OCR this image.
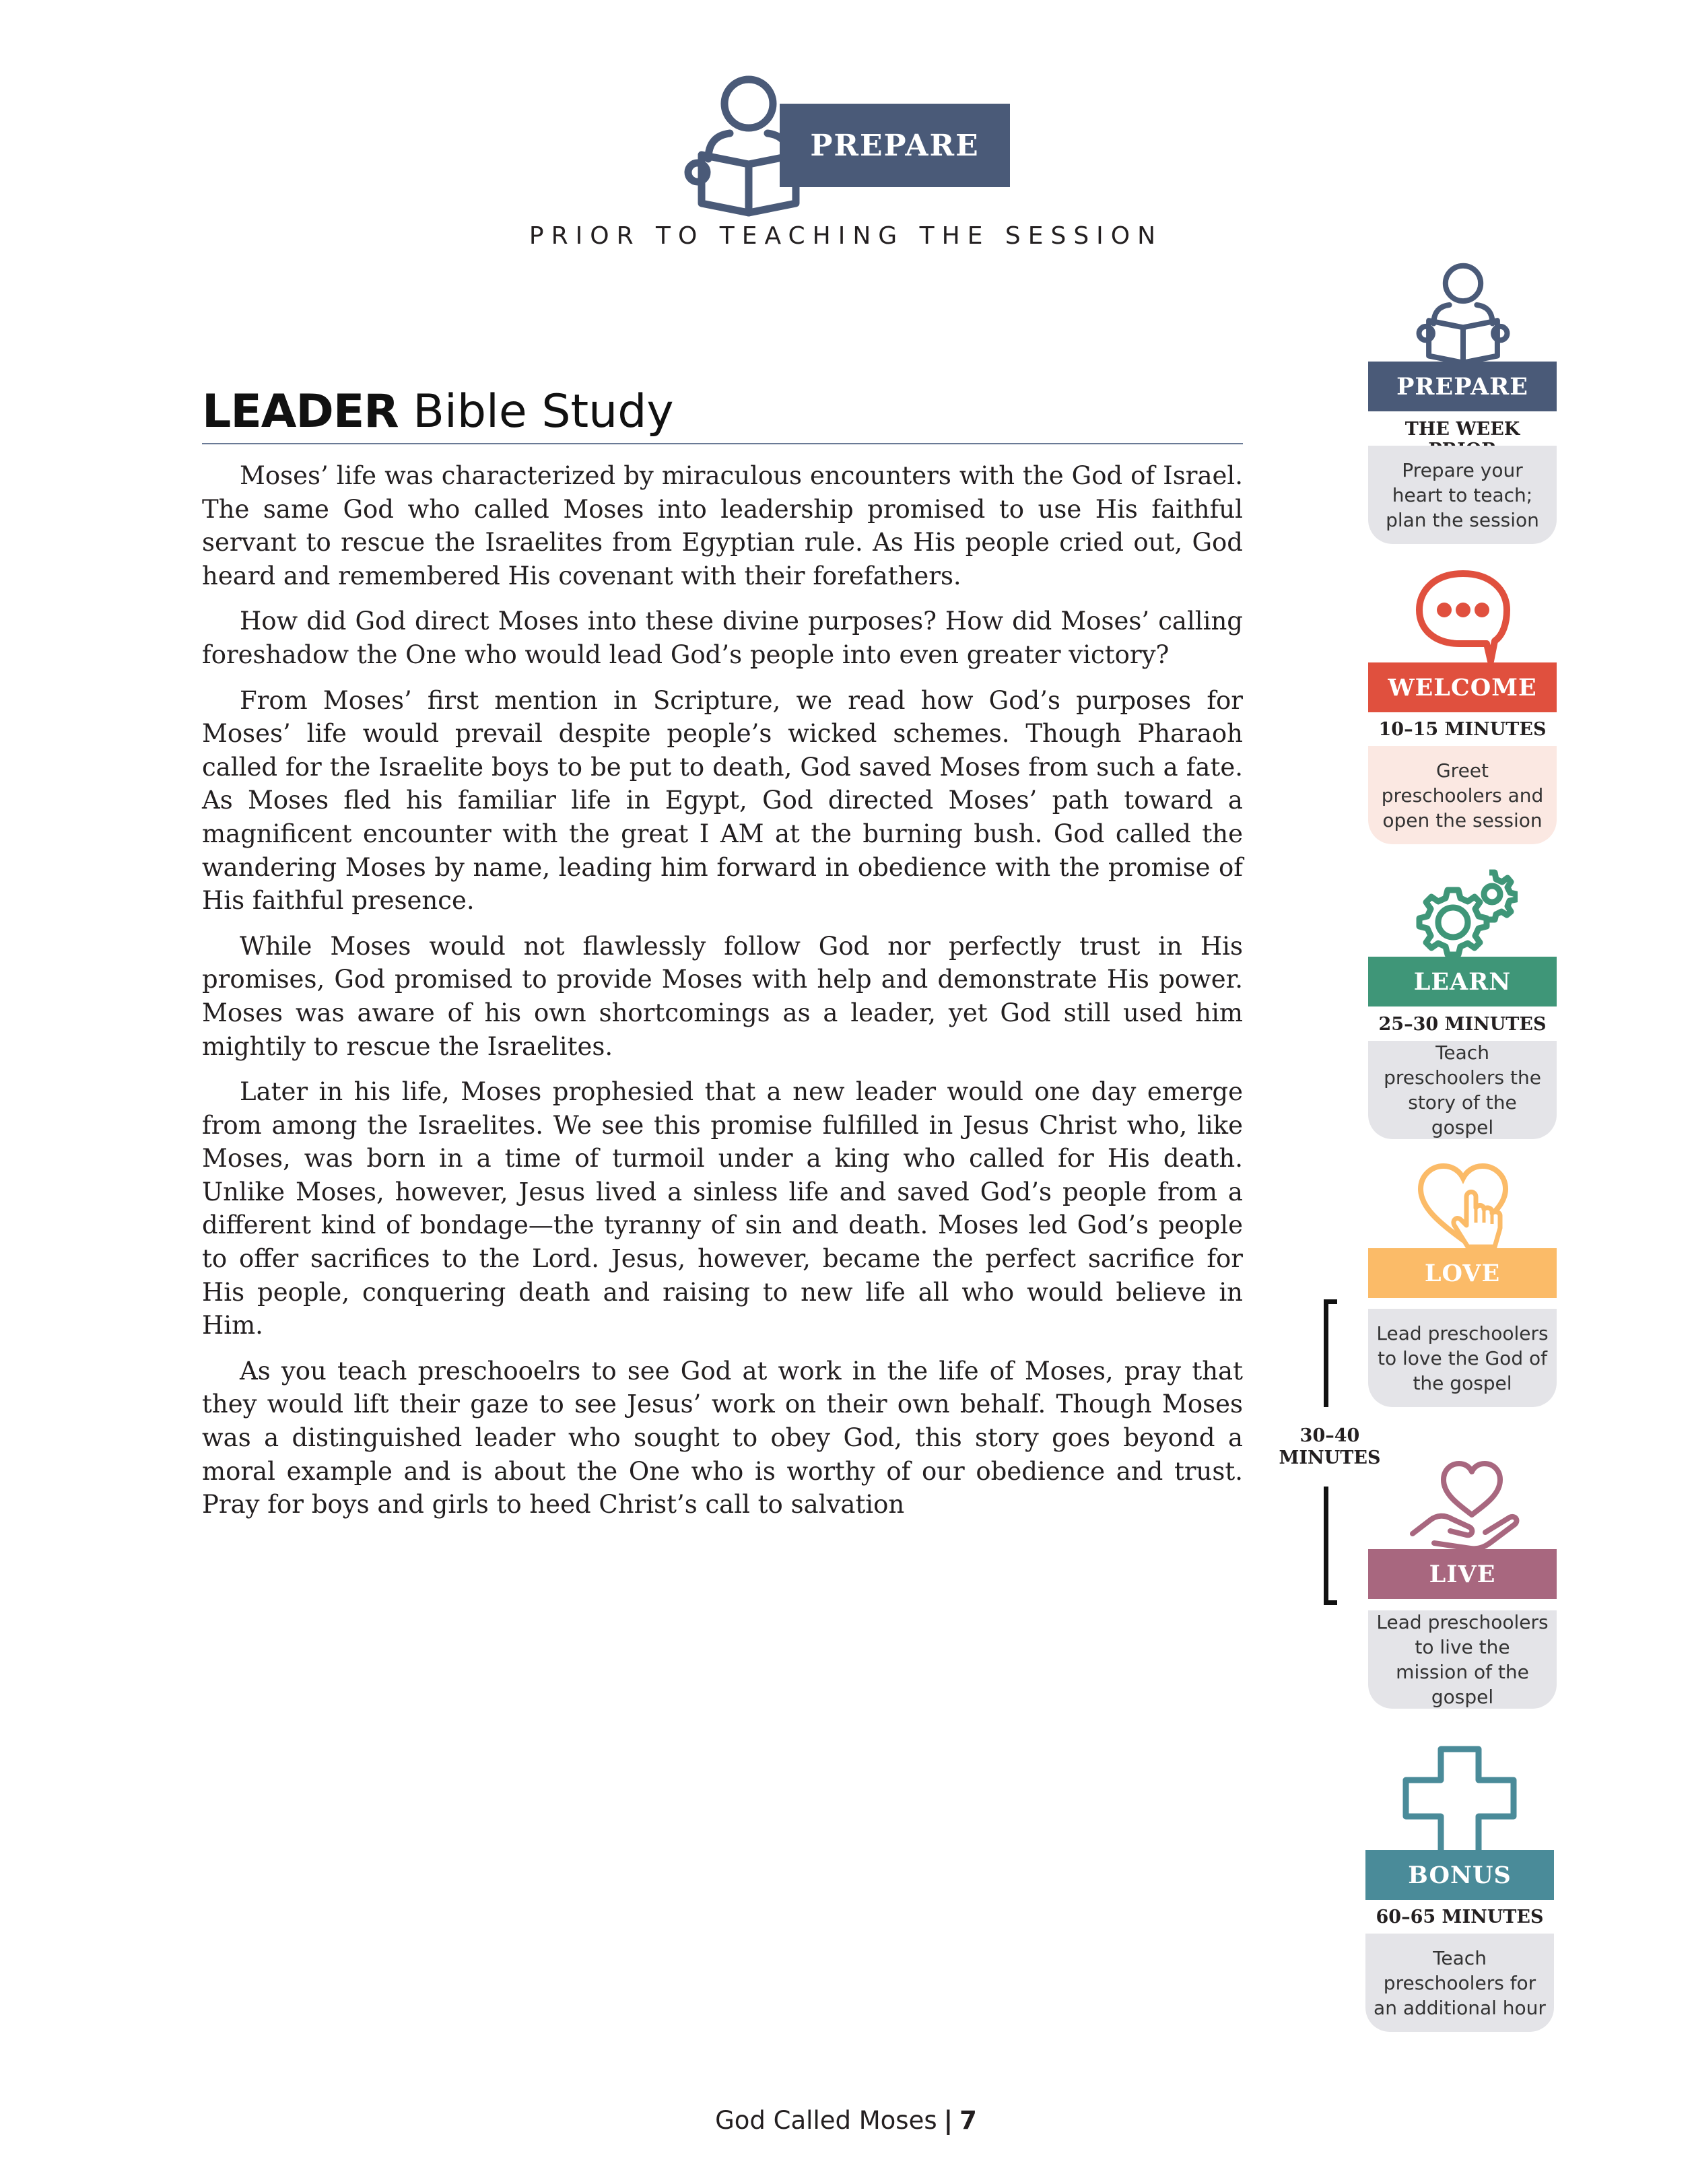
PREPARE
PRIOR TO TEACHING THE SESSION
LEADER Bible Study

Moses’ life was characterized by miraculous encounters with the God of Israel. The same God who called Moses into leadership promised to use His faithful servant to rescue the Israelites from Egyptian rule. As His people cried out, God heard and remembered His covenant with their forefathers.

How did God direct Moses into these divine purposes? How did Moses’ calling foreshadow the One who would lead God’s people into even greater victory?

From Moses’ first mention in Scripture, we read how God’s purposes for Moses’ life would prevail despite people’s wicked schemes. Though Pharaoh called for the Israelite boys to be put to death, God saved Moses from such a fate. As Moses fled his familiar life in Egypt, God directed Moses’ path toward a magnificent encounter with the great I AM at the burning bush. God called the wandering Moses by name, leading him forward in obedience with the promise of His faithful presence.

While Moses would not flawlessly follow God nor perfectly trust in His promises, God promised to provide Moses with help and demonstrate His power. Moses was aware of his own shortcomings as a leader, yet God still used him mightily to rescue the Israelites.

Later in his life, Moses prophesied that a new leader would one day emerge from among the Israelites. We see this promise fulfilled in Jesus Christ who, like Moses, was born in a time of turmoil under a king who called for His death. Unlike Moses, however, Jesus lived a sinless life and saved God’s people from a different kind of bondage—the tyranny of sin and death. Moses led God’s people to offer sacrifices to the Lord. Jesus, however, became the perfect sacrifice for His people, conquering death and raising to new life all who would believe in Him.

As you teach preschooelrs to see God at work in the life of Moses, pray that they would lift their gaze to see Jesus’ work on their own behalf. Though Moses was a distinguished leader who sought to obey God, this story goes beyond a moral example and is about the One who is worthy of our obedience and trust. Pray for boys and girls to heed Christ’s call to salvation

PREPARE
THE WEEK
Prepare your heart to teach; plan the session
WELCOME
10–15 MINUTES
Greet preschoolers and open the session
LEARN
25–30 MINUTES
Teach preschoolers the story of the gospel
LOVE
Lead preschoolers to love the God of the gospel
LIVE
Lead preschoolers to live the mission of the gospel
BONUS
60–65 MINUTES
Teach preschoolers for an additional hour
30–40
MINUTES
God Called Moses | 7
